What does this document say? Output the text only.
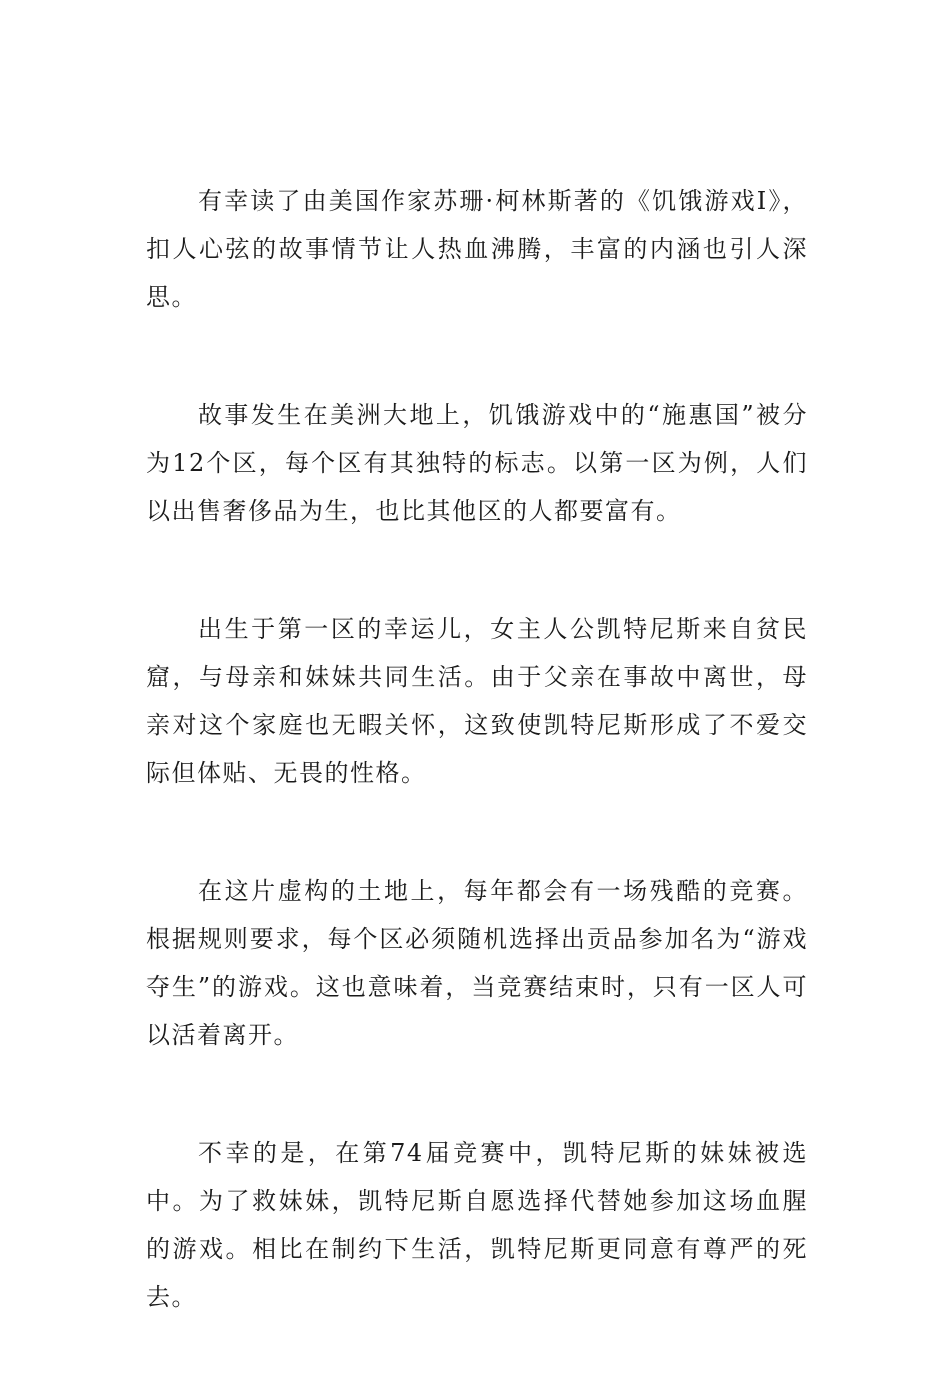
有幸读了由美国作家苏珊·柯林斯著的《饥饿游戏Ⅰ》，扣人心弦的故事情节让人热血沸腾，丰富的内涵也引人深思。

故事发生在美洲大地上，饥饿游戏中的“施惠国”被分为12个区，每个区有其独特的标志。以第一区为例，人们以出售奢侈品为生，也比其他区的人都要富有。

出生于第一区的幸运儿，女主人公凯特尼斯来自贫民窟，与母亲和妹妹共同生活。由于父亲在事故中离世，母亲对这个家庭也无暇关怀，这致使凯特尼斯形成了不爱交际但体贴、无畏的性格。

在这片虚构的土地上，每年都会有一场残酷的竞赛。根据规则要求，每个区必须随机选择出贡品参加名为“游戏夺生”的游戏。这也意味着，当竞赛结束时，只有一区人可以活着离开。

不幸的是，在第74届竞赛中，凯特尼斯的妹妹被选中。为了救妹妹，凯特尼斯自愿选择代替她参加这场血腥的游戏。相比在制约下生活，凯特尼斯更同意有尊严的死去。
